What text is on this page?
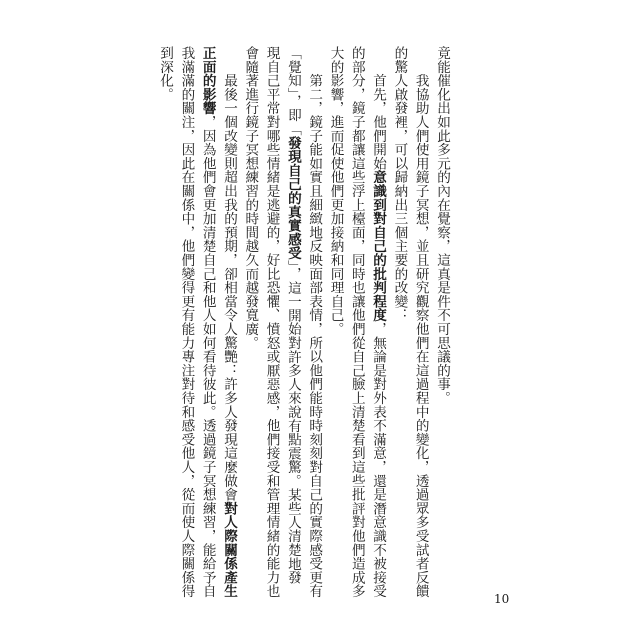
竟能催化出如此多元的內在覺察，這真是件不可思議的事。
　　我協助人們使用鏡子冥想，並且研究觀察他們在這過程中的變化，透過眾多受試者反饋
的驚人啟發裡，可以歸納出三個主要的改變：
　　首先，他們開始意識到對自己的批判程度，無論是對外表不滿意，還是潛意識不被接受
的部分，鏡子都讓這些浮上檯面，同時也讓他們從自己臉上清楚看到這些批評對他們造成多
大的影響，進而促使他們更加接納和同理自己。
　　第二，鏡子能如實且細緻地反映面部表情，所以他們能時時刻刻對自己的實際感受更有
「覺知」，即「發現自己的真實感受」，這一開始對許多人來說有點震驚。某些人清楚地發
現自己平常對哪些情緒是逃避的，好比恐懼、憤怒或厭惡感，他們接受和管理情緒的能力也
會隨著進行鏡子冥想練習的時間越久而越發寬廣。
　　最後一個改變則超出我的預期，卻相當令人驚艷：許多人發現這麼做會對人際關係產生
正面的影響，因為他們會更加清楚自己和他人如何看待彼此。透過鏡子冥想練習，能給予自
我滿滿的關注，因此在關係中，他們變得更有能力專注對待和感受他人，從而使人際關係得
到深化。
10
